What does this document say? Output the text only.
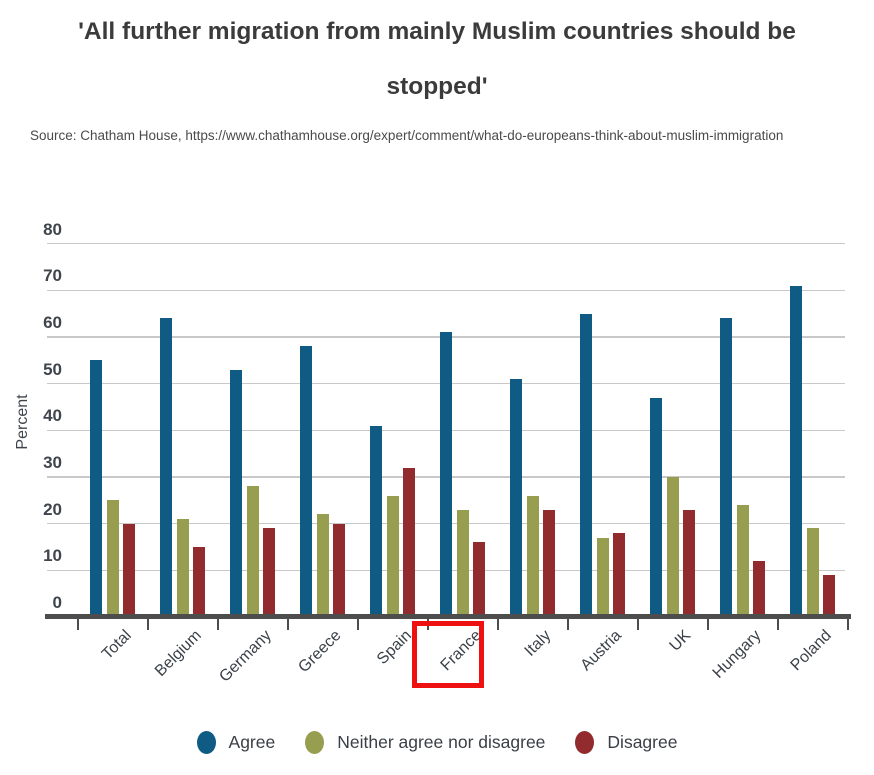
'All further migration from mainly Muslim countries should be
stopped'
Source: Chatham House, https://www.chathamhouse.org/expert/comment/what-do-europeans-think-about-muslim-immigration
0
10
20
30
40
50
60
70
80
Percent
Total	Belgium Germany	Greece	Spain	France	Italy	Austria	UK Hungary	Poland
Agree	Neither agree nor disagree	Disagree
